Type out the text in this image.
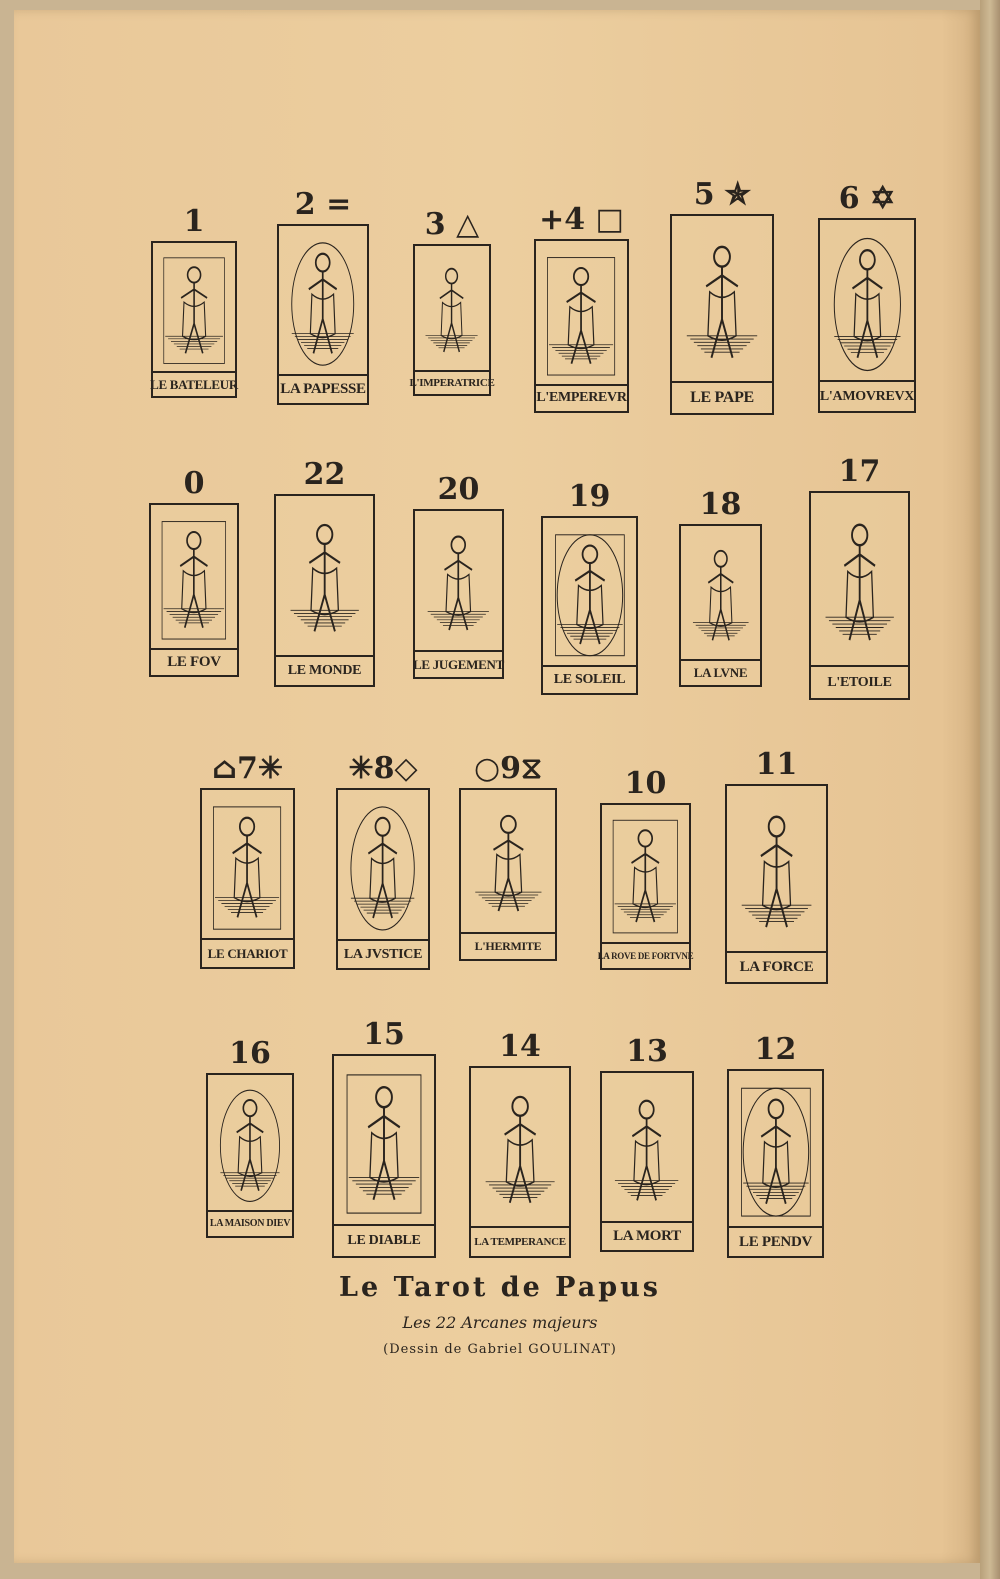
1
LE BATELEUR
2 =
LA PAPESSE
3 △
L'IMPERATRICE
+4 □
L'EMPEREVR
5 ✯
LE PAPE
6 ✡
L'AMOVREVX
0
LE FOV
22
LE MONDE
20
LE JUGEMENT
19
LE SOLEIL
18
LA LVNE
17
L'ETOILE
⌂7✳
LE CHARIOT
✳8◇
LA JVSTICE
○9⧖
L'HERMITE
10
LA ROVE DE FORTVNE
11
LA FORCE
16
LA MAISON DIEV
15
LE DIABLE
14
LA TEMPERANCE
13
LA MORT
12
LE PENDV
Le Tarot de Papus
Les 22 Arcanes majeurs
(Dessin de Gabriel GOULINAT)
